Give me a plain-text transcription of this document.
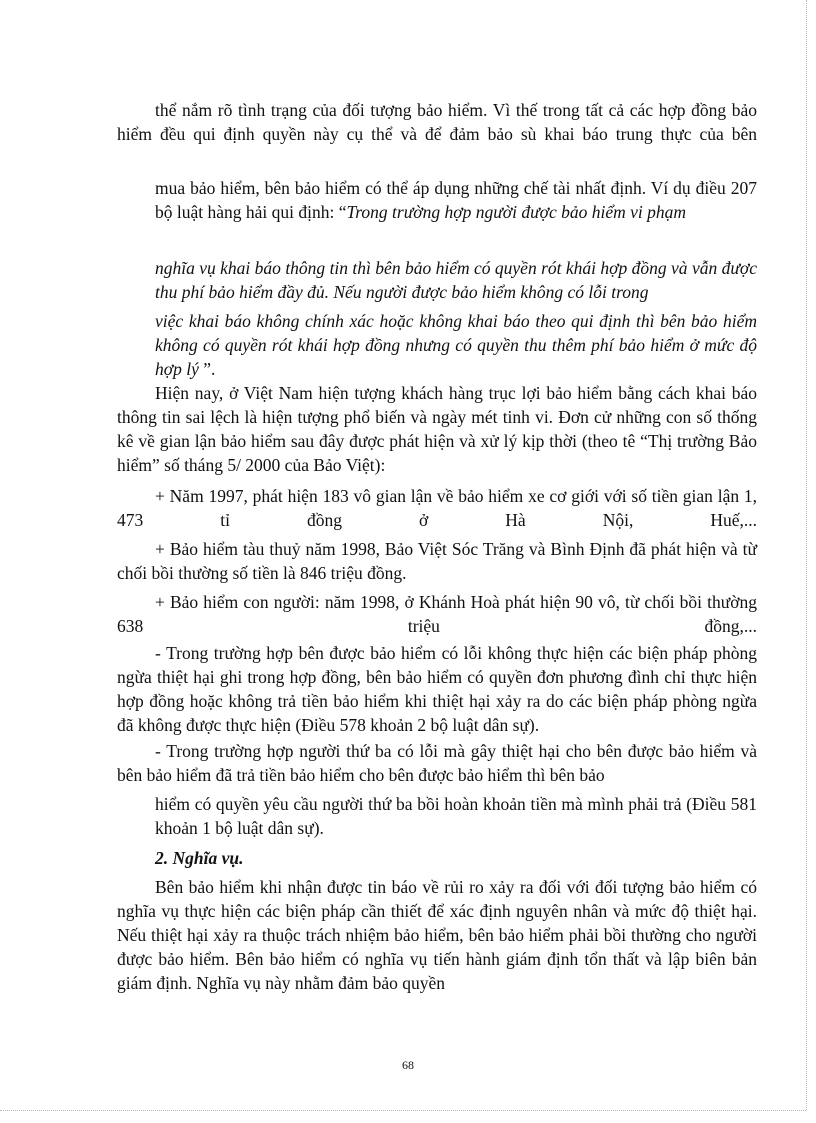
thể nắm rõ tình trạng của đối tượng bảo hiểm. Vì thế trong tất cả các hợp đồng bảo hiểm đều qui định quyền này cụ thể và để đảm bảo sù khai báo trung thực của bên

mua bảo hiểm, bên bảo hiểm có thể áp dụng những chế tài nhất định. Ví dụ điều 207 bộ luật hàng hải qui định: “Trong trường hợp người được bảo hiểm vi phạm

nghĩa vụ khai báo thông tin thì bên bảo hiểm có quyền rót khái hợp đồng và vẫn được thu phí bảo hiểm đầy đủ. Nếu người được bảo hiểm không có lỗi trong

việc khai báo không chính xác hoặc không khai báo theo qui định thì bên bảo hiểm không có quyền rót khái hợp đồng nhưng có quyền thu thêm phí bảo hiểm ở mức độ hợp lý ”.

Hiện nay, ở Việt Nam hiện tượng khách hàng trục lợi bảo hiểm bằng cách khai báo thông tin sai lệch là hiện tượng phổ biến và ngày mét tinh vi. Đơn cử những con số thống kê về gian lận bảo hiểm sau đây được phát hiện và xử lý kịp thời (theo tê “Thị trường Bảo hiểm” số tháng 5/ 2000 của Bảo Việt):

+ Năm 1997, phát hiện 183 vô gian lận về bảo hiểm xe cơ giới với số tiền gian lận 1, 473 tỉ đồng ở Hà Nội, Huế,...

+ Bảo hiểm tàu thuỷ năm 1998, Bảo Việt Sóc Trăng và Bình Định đã phát hiện và từ chối bồi thường số tiền là 846 triệu đồng.

+ Bảo hiểm con người: năm 1998, ở Khánh Hoà phát hiện 90 vô, từ chối bồi thường 638 triệu đồng,...

- Trong trường hợp bên được bảo hiểm có lỗi không thực hiện các biện pháp phòng ngừa thiệt hại ghi trong hợp đồng, bên bảo hiểm có quyền đơn phương đình chỉ thực hiện hợp đồng hoặc không trả tiền bảo hiểm khi thiệt hại xảy ra do các biện pháp phòng ngừa đã không được thực hiện (Điều 578 khoản 2 bộ luật dân sự).

- Trong trường hợp người thứ ba có lỗi mà gây thiệt hại cho bên được bảo hiểm và bên bảo hiểm đã trả tiền bảo hiểm cho bên được bảo hiểm thì bên bảo

hiểm có quyền yêu cầu người thứ ba bồi hoàn khoản tiền mà mình phải trả (Điều 581 khoản 1 bộ luật dân sự).

2. Nghĩa vụ.

Bên bảo hiểm khi nhận được tin báo về rủi ro xảy ra đối với đối tượng bảo hiểm có nghĩa vụ thực hiện các biện pháp cần thiết để xác định nguyên nhân và mức độ thiệt hại. Nếu thiệt hại xảy ra thuộc trách nhiệm bảo hiểm, bên bảo hiểm phải bồi thường cho người được bảo hiểm. Bên bảo hiểm có nghĩa vụ tiến hành giám định tổn thất và lập biên bản giám định. Nghĩa vụ này nhằm đảm bảo quyền

68
